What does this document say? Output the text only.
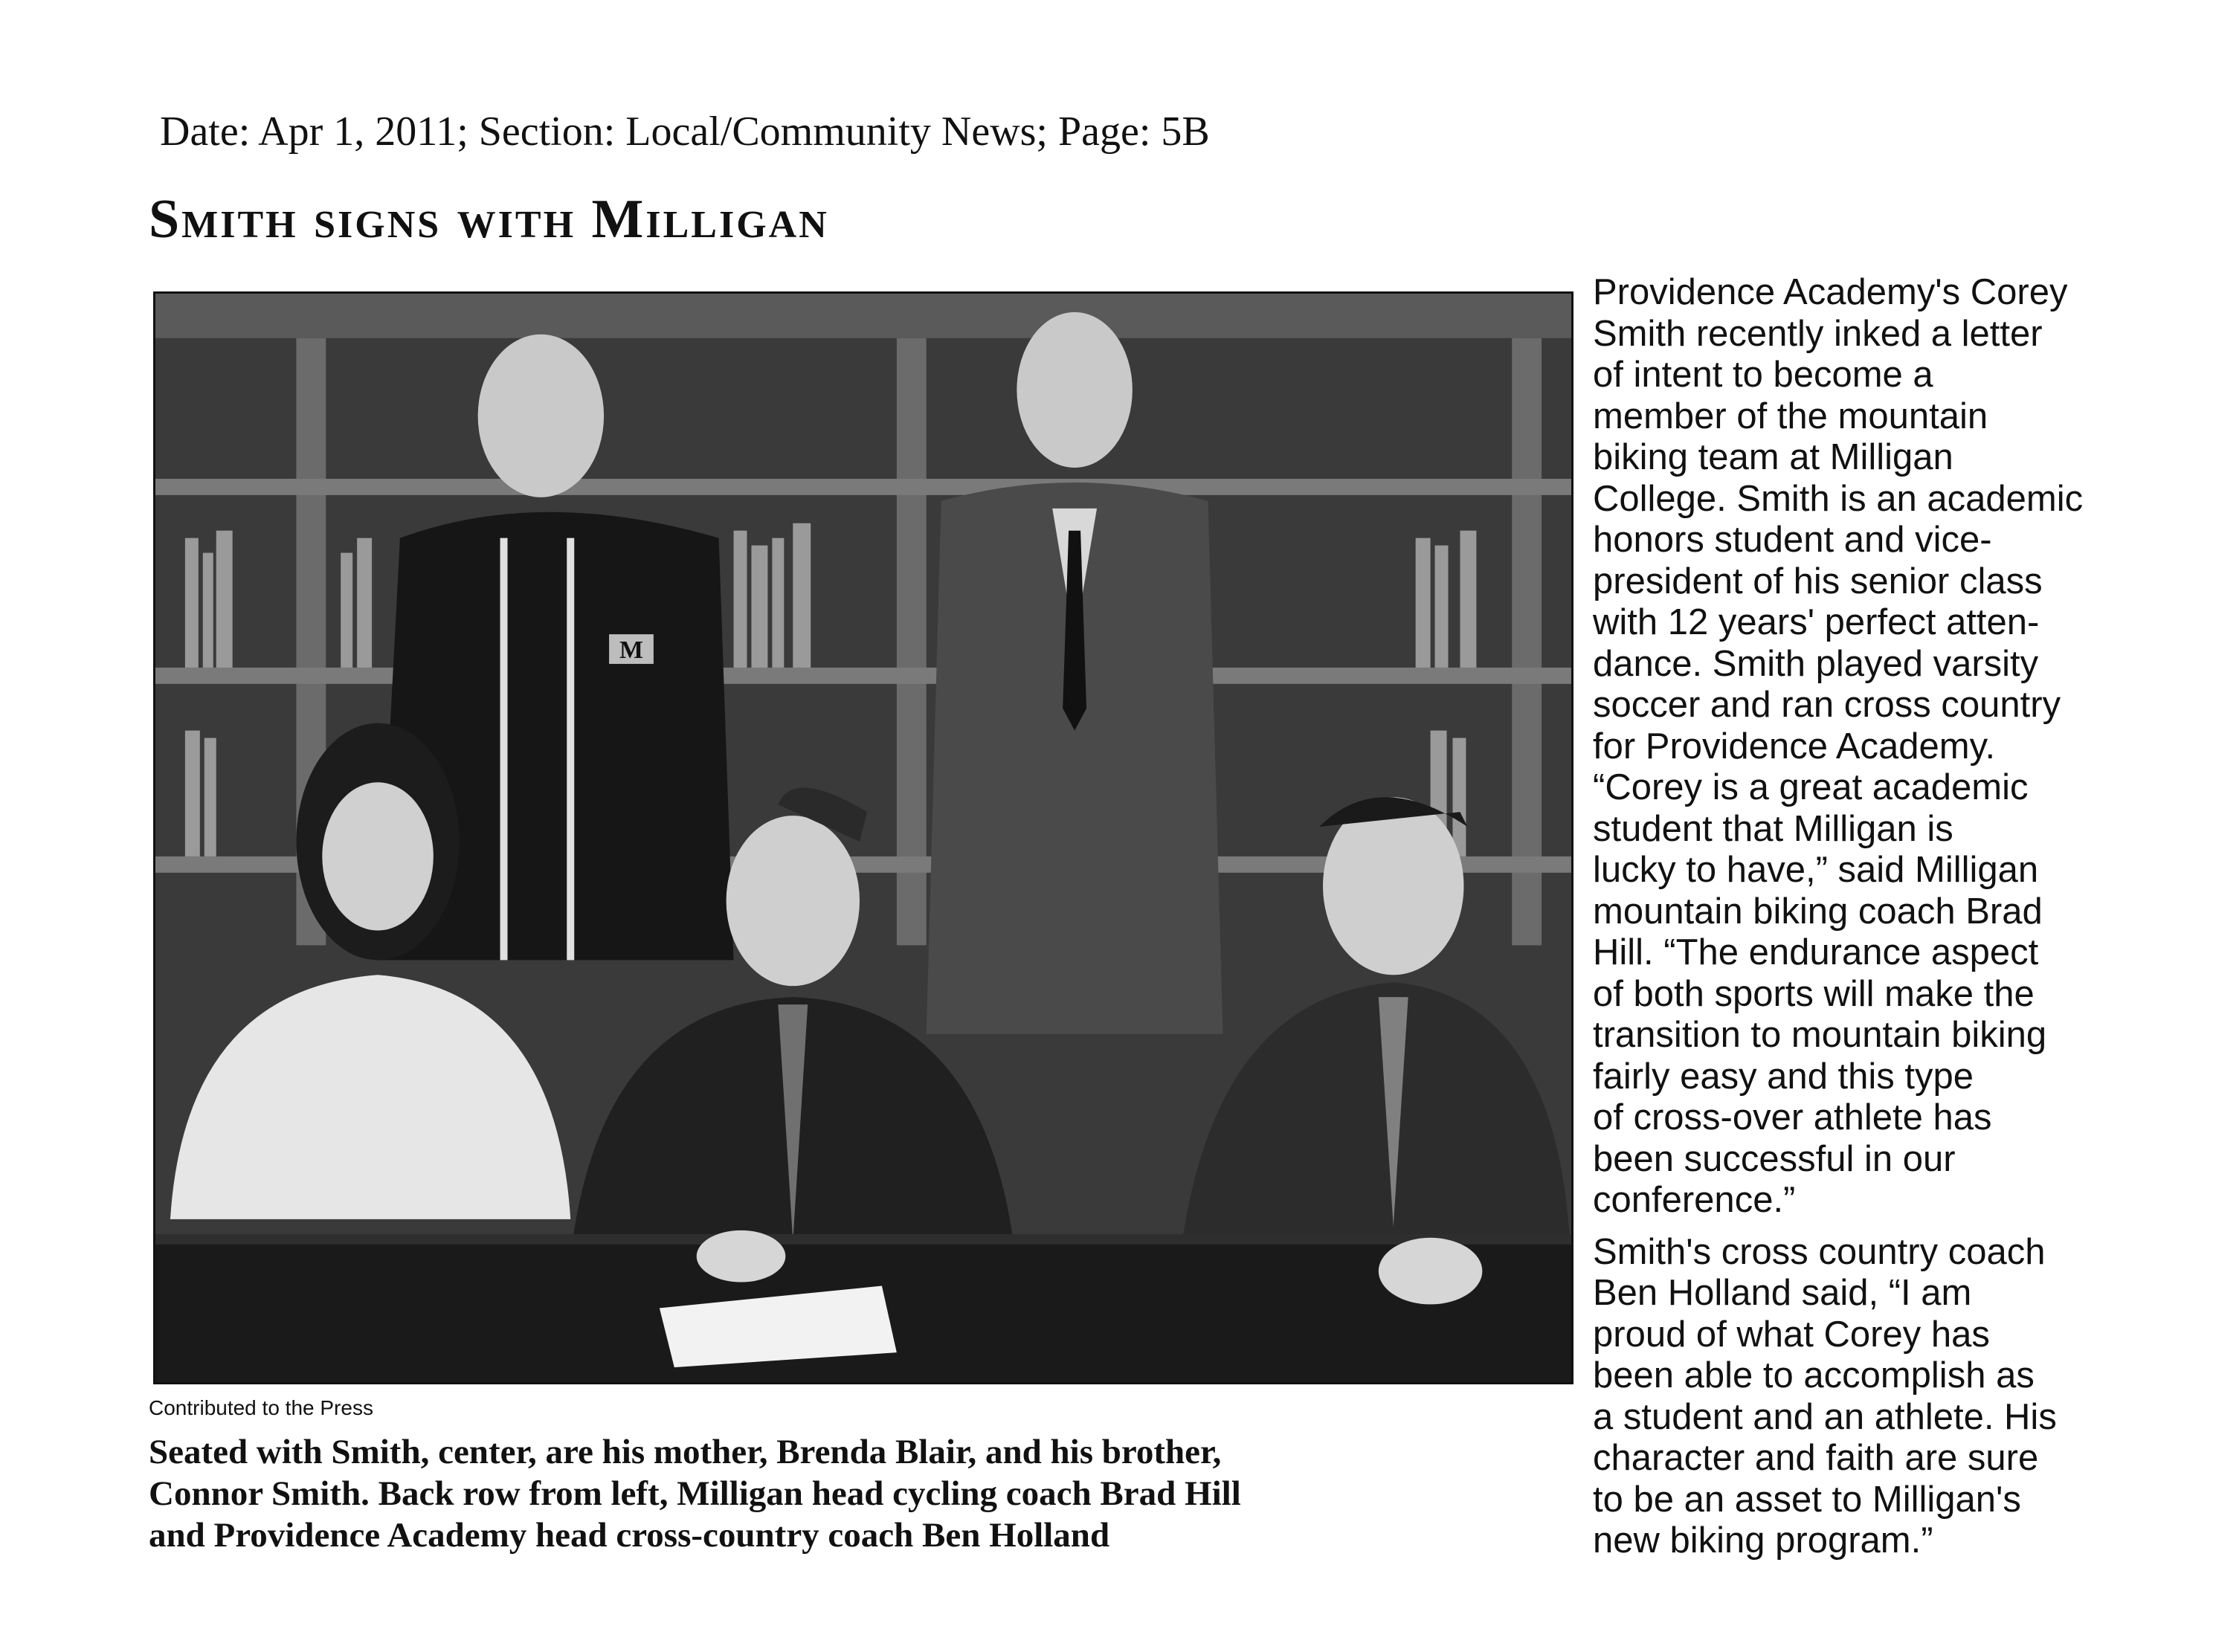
Date: Apr 1, 2011; Section: Local/Community News; Page: 5B
Smith signs with Milligan
M
Contributed to the Press
Seated with Smith, center, are his mother, Brenda Blair, and his brother,
Connor Smith. Back row from left, Milligan head cycling coach Brad Hill
and Providence Academy head cross-country coach Ben Holland
Providence Academy's Corey
Smith recently inked a letter
of intent to become a
member of the mountain
biking team at Milligan
College. Smith is an academic
honors student and vice-
president of his senior class
with 12 years' perfect atten-
dance. Smith played varsity
soccer and ran cross country
for Providence Academy.
“Corey is a great academic
student that Milligan is
lucky to have,” said Milligan
mountain biking coach Brad
Hill. “The endurance aspect
of both sports will make the
transition to mountain biking
fairly easy and this type
of cross-over athlete has
been successful in our
conference.”
Smith's cross country coach
Ben Holland said, “I am
proud of what Corey has
been able to accomplish as
a student and an athlete. His
character and faith are sure
to be an asset to Milligan's
new biking program.”
